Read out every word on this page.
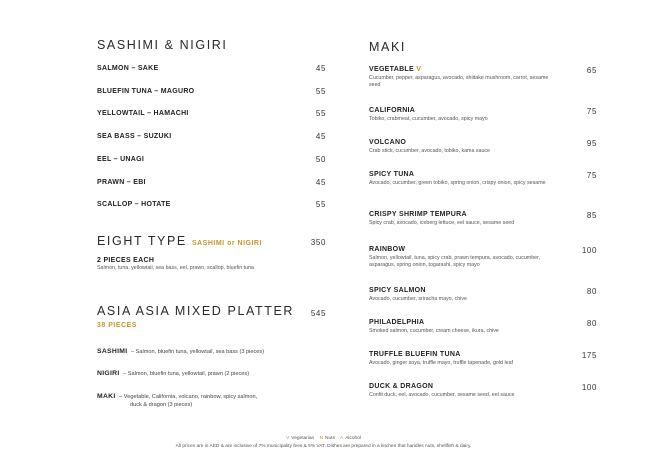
SASHIMI & NIGIRI
SALMON – SAKE	45
BLUEFIN TUNA – MAGURO	55
YELLOWTAIL – HAMACHI	55
SEA BASS – SUZUKI	45
EEL – UNAGI	50
PRAWN – EBI	45
SCALLOP – HOTATE	55
EIGHT TYPE SASHIMI or NIGIRI	350
2 PIECES EACH
Salmon, tuna, yellowtail, sea bass, eel, prawn, scallop, bluefin tuna
ASIA ASIA MIXED PLATTER	545
38 PIECES
SASHIMI – Salmon, bluefin tuna, yellowtail, sea bass (3 pieces)
NIGIRI – Salmon, bluefin tuna, yellowtail, prawn (2 pieces)
MAKI – Vegetable, California, volcano, rainbow, spicy salmon,
duck & dragon (3 pieces)
MAKI
VEGETABLE V	65
Cucumber, pepper, asparagus, avocado, shiitake mushroom, carrot, sesame seed
CALIFORNIA	75
Tobiko, crabmeat, cucumber, avocado, spicy mayo
VOLCANO	95
Crab stick, cucumber, avocado, tobiko, kama sauce
SPICY TUNA	75
Avocado, cucumber, green tobiko, spring onion, crispy onion, spicy sesame
CRISPY SHRIMP TEMPURA	85
Spicy crab, avocado, iceberg lettuce, eel sauce, sesame seed
RAINBOW	100
Salmon, yellowtail, tuna, spicy crab, prawn tempura, avocado, cucumber, asparagus, spring onion, togarashi, spicy mayo
SPICY SALMON	80
Avocado, cucumber, sriracha mayo, chive
PHILADELPHIA	80
Smoked salmon, cucumber, cream cheese, ikura, chive
TRUFFLE BLUEFIN TUNA	175
Avocado, ginger soya, truffle mayo, truffle tapenade, gold leaf
DUCK & DRAGON	100
Confit duck, eel, avocado, cucumber, sesame seed, eel sauce
V Vegetarian N Nuts A Alcohol
All prices are in AED & are inclusive of 7% municipality fees & 5% VAT. Dishes are prepared in a kitchen that handles nuts, shellfish & dairy.
